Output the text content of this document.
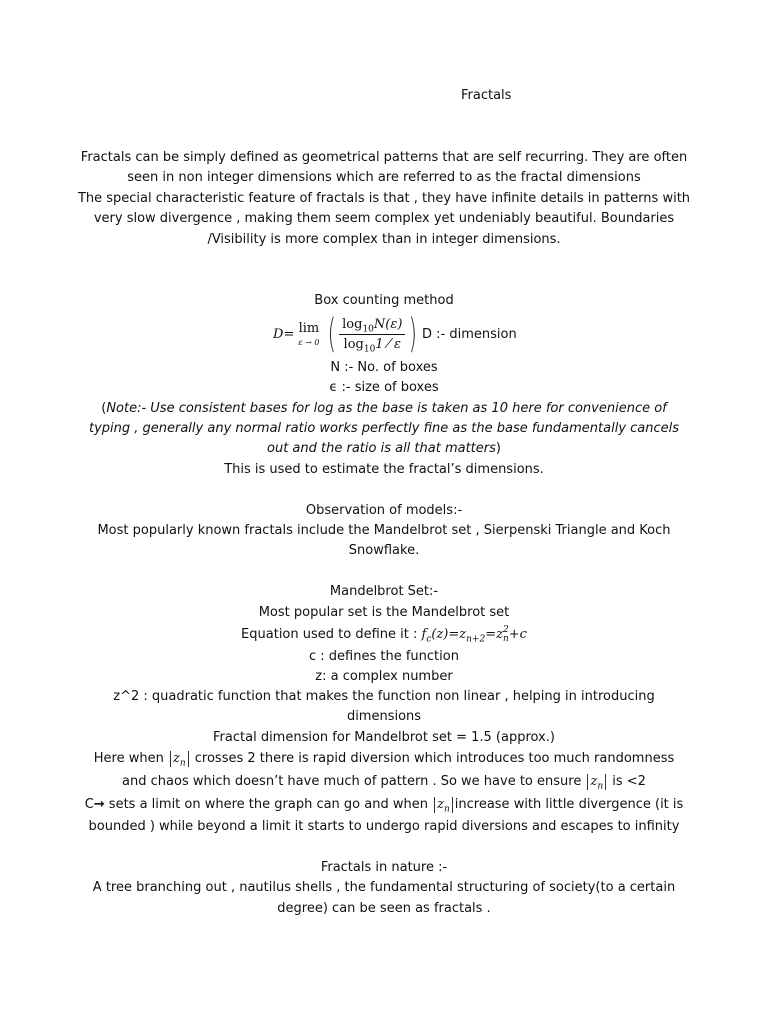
Fractals
Fractals can be simply defined as geometrical patterns that are self recurring. They are often
seen in non integer dimensions which are referred to as the fractal dimensions
The special characteristic feature of fractals is that , they have infinite details in patterns with
very slow divergence , making them seem complex yet undeniably beautiful. Boundaries
/Visibility is more complex than in integer dimensions.
Box counting method
D = lim
ε → 0 ( $\frac{\log_{10}N(\varepsilon)}{\log_{10}1 ⁄ \varepsilon}$ ) D :- dimension
N :- No. of boxes
ϵ :- size of boxes
(Note:- Use consistent bases for log as the base is taken as 10 here for convenience of
typing , generally any normal ratio works perfectly fine as the base fundamentally cancels
out and the ratio is all that matters)
This is used to estimate the fractal’s dimensions.
Observation of models:-
Most popularly known fractals include the Mandelbrot set , Sierpenski Triangle and Koch
Snowflake.
Mandelbrot Set:-
Most popular set is the Mandelbrot set
Equation used to define it : $f_c(z)=z_{n+2}=z$ 2
n +c
c : defines the function
z: a complex number
z^2 : quadratic function that makes the function non linear , helping in introducing
dimensions
Fractal dimension for Mandelbrot set = 1.5 (approx.)
Here when $z_n$ crosses 2 there is rapid diversion which introduces too much randomness
and chaos which doesn’t have much of pattern . So we have to ensure $z_n$ is <2
C→ sets a limit on where the graph can go and when $z_n$ increase with little divergence (it is
bounded ) while beyond a limit it starts to undergo rapid diversions and escapes to infinity
Fractals in nature :-
A tree branching out , nautilus shells , the fundamental structuring of society(to a certain
degree) can be seen as fractals .
